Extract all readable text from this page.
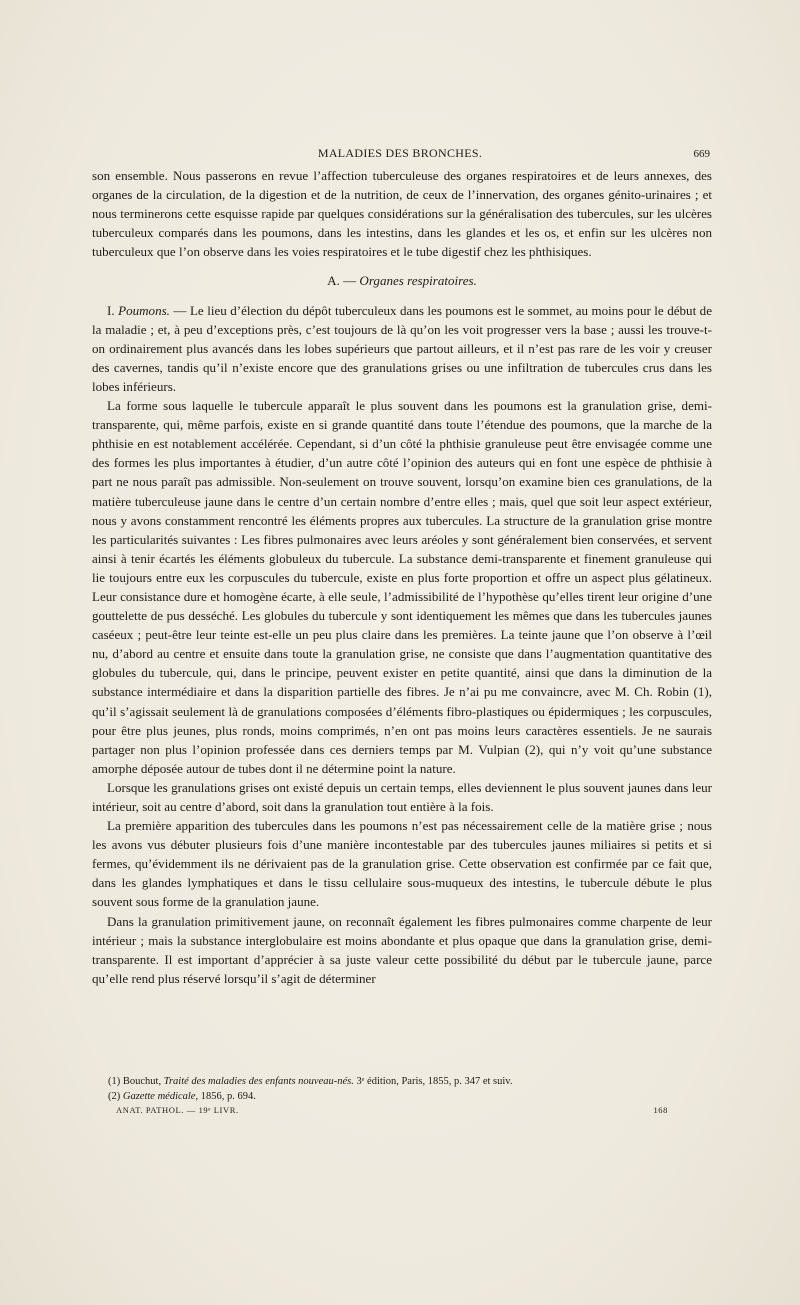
MALADIES DES BRONCHES.	669

son ensemble. Nous passerons en revue l’affection tuberculeuse des organes respiratoires et de leurs annexes, des organes de la circulation, de la digestion et de la nutrition, de ceux de l’innervation, des organes génito-urinaires ; et nous terminerons cette esquisse rapide par quelques considérations sur la généralisation des tubercules, sur les ulcères tuberculeux comparés dans les poumons, dans les intestins, dans les glandes et les os, et enfin sur les ulcères non tuberculeux que l’on observe dans les voies respiratoires et le tube digestif chez les phthisiques.

A. — Organes respiratoires.

I. Poumons. — Le lieu d’élection du dépôt tuberculeux dans les poumons est le sommet, au moins pour le début de la maladie ; et, à peu d’exceptions près, c’est toujours de là qu’on les voit progresser vers la base ; aussi les trouve-t-on ordinairement plus avancés dans les lobes supérieurs que partout ailleurs, et il n’est pas rare de les voir y creuser des cavernes, tandis qu’il n’existe encore que des granulations grises ou une infiltration de tubercules crus dans les lobes inférieurs.

La forme sous laquelle le tubercule apparaît le plus souvent dans les poumons est la granulation grise, demi-transparente, qui, même parfois, existe en si grande quantité dans toute l’étendue des poumons, que la marche de la phthisie en est notablement accélérée. Cependant, si d’un côté la phthisie granuleuse peut être envisagée comme une des formes les plus importantes à étudier, d’un autre côté l’opinion des auteurs qui en font une espèce de phthisie à part ne nous paraît pas admissible. Non-seulement on trouve souvent, lorsqu’on examine bien ces granulations, de la matière tuberculeuse jaune dans le centre d’un certain nombre d’entre elles ; mais, quel que soit leur aspect extérieur, nous y avons constamment rencontré les éléments propres aux tubercules. La structure de la granulation grise montre les particularités suivantes : Les fibres pulmonaires avec leurs aréoles y sont généralement bien conservées, et servent ainsi à tenir écartés les éléments globuleux du tubercule. La substance demi-transparente et finement granuleuse qui lie toujours entre eux les corpuscules du tubercule, existe en plus forte proportion et offre un aspect plus gélatineux. Leur consistance dure et homogène écarte, à elle seule, l’admissibilité de l’hypothèse qu’elles tirent leur origine d’une gouttelette de pus desséché. Les globules du tubercule y sont identiquement les mêmes que dans les tubercules jaunes caséeux ; peut-être leur teinte est-elle un peu plus claire dans les premières. La teinte jaune que l’on observe à l’œil nu, d’abord au centre et ensuite dans toute la granulation grise, ne consiste que dans l’augmentation quantitative des globules du tubercule, qui, dans le principe, peuvent exister en petite quantité, ainsi que dans la diminution de la substance intermédiaire et dans la disparition partielle des fibres. Je n’ai pu me convaincre, avec M. Ch. Robin (1), qu’il s’agissait seulement là de granulations composées d’éléments fibro-plastiques ou épidermiques ; les corpuscules, pour être plus jeunes, plus ronds, moins comprimés, n’en ont pas moins leurs caractères essentiels. Je ne saurais partager non plus l’opinion professée dans ces derniers temps par M. Vulpian (2), qui n’y voit qu’une substance amorphe déposée autour de tubes dont il ne détermine point la nature.

Lorsque les granulations grises ont existé depuis un certain temps, elles deviennent le plus souvent jaunes dans leur intérieur, soit au centre d’abord, soit dans la granulation tout entière à la fois.

La première apparition des tubercules dans les poumons n’est pas nécessairement celle de la matière grise ; nous les avons vus débuter plusieurs fois d’une manière incontestable par des tubercules jaunes miliaires si petits et si fermes, qu’évidemment ils ne dérivaient pas de la granulation grise. Cette observation est confirmée par ce fait que, dans les glandes lymphatiques et dans le tissu cellulaire sous-muqueux des intestins, le tubercule débute le plus souvent sous forme de la granulation jaune.

Dans la granulation primitivement jaune, on reconnaît également les fibres pulmonaires comme charpente de leur intérieur ; mais la substance interglobulaire est moins abondante et plus opaque que dans la granulation grise, demi-transparente. Il est important d’apprécier à sa juste valeur cette possibilité du début par le tubercule jaune, parce qu’elle rend plus réservé lorsqu’il s’agit de déterminer

(1) Bouchut, Traité des maladies des enfants nouveau-nés. 3ᵉ édition, Paris, 1855, p. 347 et suiv.

(2) Gazette médicale, 1856, p. 694.

ANAT. PATHOL. — 19ᵉ LIVR.	168
